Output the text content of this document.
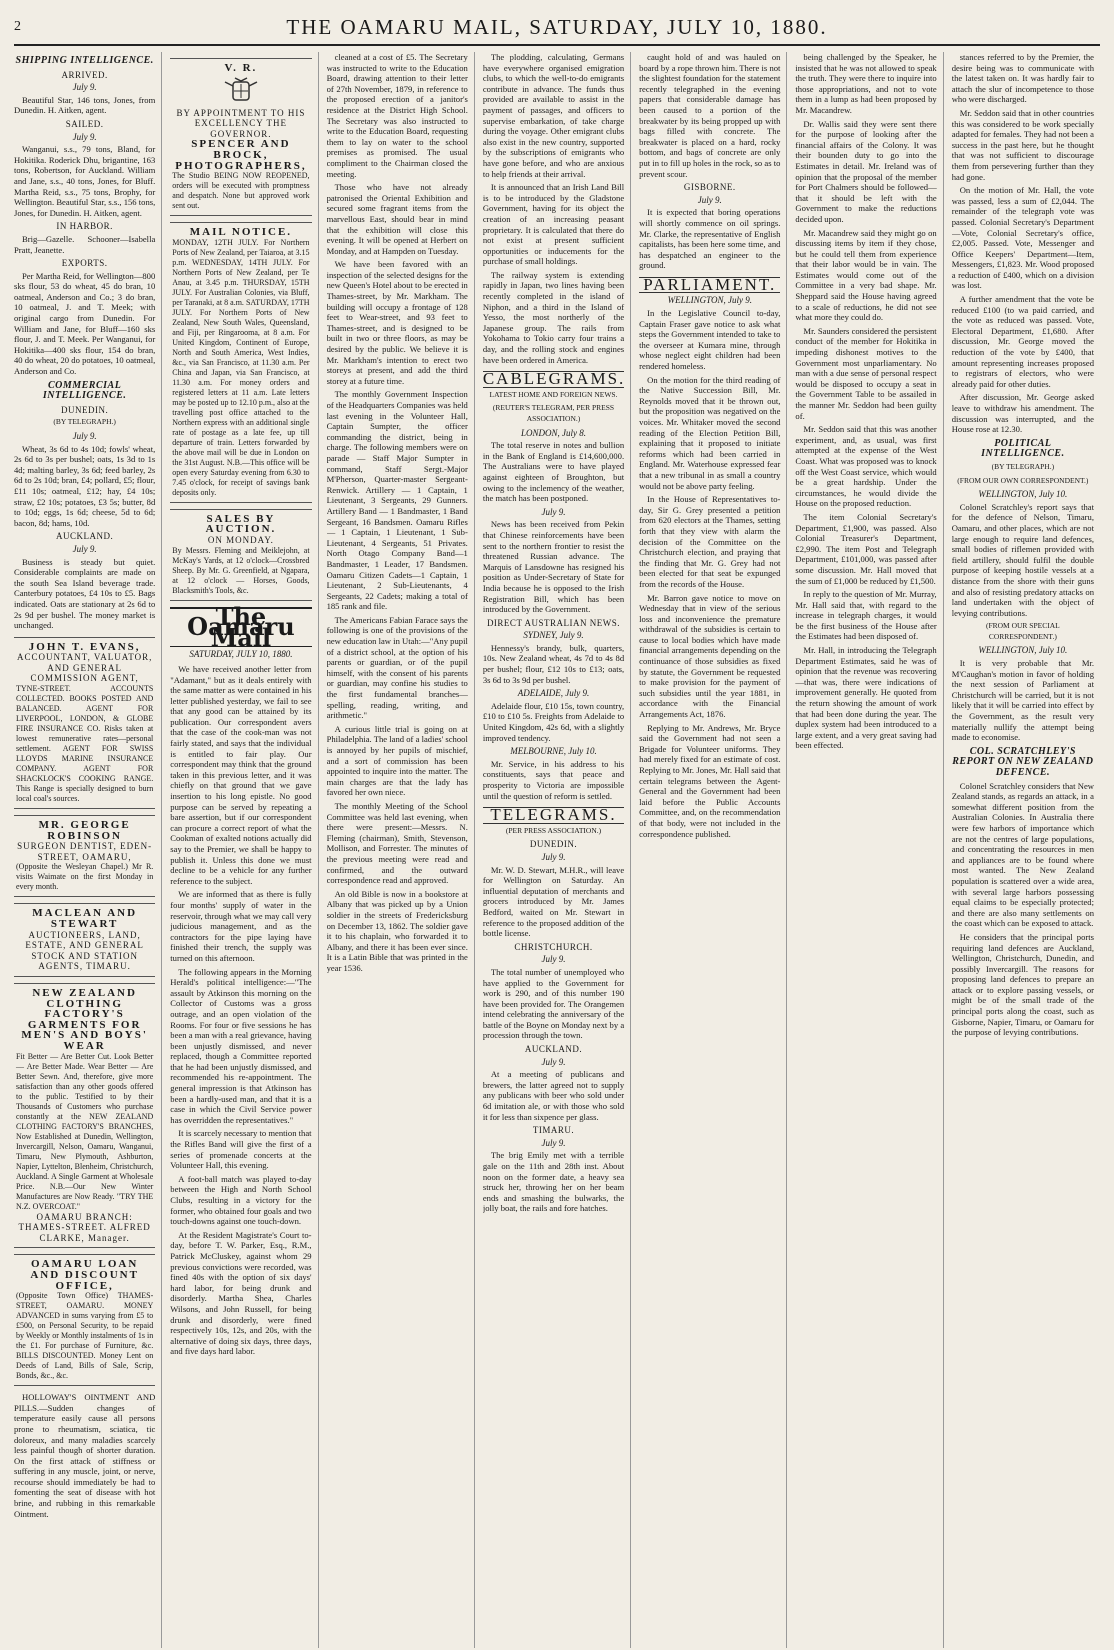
2	THE OAMARU MAIL, SATURDAY, JULY 10, 1880.
SHIPPING INTELLIGENCE.
ARRIVED.
July 9.

Beautiful Star, 146 tons, Jones, from Dunedin. H. Aitken, agent.

SAILED.
July 9.

Wanganui, s.s., 79 tons, Bland, for Hokitika. Roderick Dhu, brigantine, 163 tons, Robertson, for Auckland. William and Jane, s.s., 40 tons, Jones, for Bluff. Martha Reid, s.s., 75 tons, Brophy, for Wellington. Beautiful Star, s.s., 156 tons, Jones, for Dunedin. H. Aitken, agent.

IN HARBOR.

Brig—Gazelle. Schooner—Isabella Pratt, Jeanette.

EXPORTS.

Per Martha Reid, for Wellington—800 sks flour, 53 do wheat, 45 do bran, 10 oatmeal, Anderson and Co.; 3 do bran, 10 oatmeal, J. and T. Meek; with original cargo from Dunedin. For William and Jane, for Bluff—160 sks flour, J. and T. Meek. Per Wanganui, for Hokitika—400 sks flour, 154 do bran, 40 do wheat, 20 do potatoes, 10 oatmeal, Anderson and Co.

COMMERCIAL INTELLIGENCE.
DUNEDIN.
(BY TELEGRAPH.)
July 9.

Wheat, 3s 6d to 4s 10d; fowls' wheat, 2s 6d to 3s per bushel; oats, 1s 3d to 1s 4d; malting barley, 3s 6d; feed barley, 2s 6d to 2s 10d; bran, £4; pollard, £5; flour, £11 10s; oatmeal, £12; hay, £4 10s; straw, £2 10s; potatoes, £3 5s; butter, 8d to 10d; eggs, 1s 6d; cheese, 5d to 6d; bacon, 8d; hams, 10d.

AUCKLAND.
July 9.

Business is steady but quiet. Considerable complaints are made on the south Sea Island beverage trade. Canterbury potatoes, £4 10s to £5. Bags indicated. Oats are stationary at 2s 6d to 2s 9d per bushel. The money market is unchanged.

JOHN T. EVANS,
ACCOUNTANT, VALUATOR, AND GENERAL COMMISSION AGENT,
TYNE-STREET. ACCOUNTS COLLECTED. BOOKS POSTED AND BALANCED. AGENT FOR LIVERPOOL, LONDON, & GLOBE FIRE INSURANCE CO. Risks taken at lowest remunerative rates—personal settlement. AGENT FOR SWISS LLOYDS MARINE INSURANCE COMPANY. AGENT FOR SHACKLOCK'S COOKING RANGE. This Range is specially designed to burn local coal's sources.
MR. GEORGE ROBINSON
SURGEON DENTIST, EDEN-STREET, OAMARU,
(Opposite the Wesleyan Chapel.) Mr R. visits Waimate on the first Monday in every month.
MACLEAN AND STEWART
AUCTIONEERS, LAND, ESTATE, AND GENERAL STOCK AND STATION AGENTS, TIMARU.
NEW ZEALAND CLOTHING FACTORY'S GARMENTS FOR MEN'S AND BOYS' WEAR
Fit Better — Are Better Cut. Look Better — Are Better Made. Wear Better — Are Better Sewn. And, therefore, give more satisfaction than any other goods offered to the public. Testified to by their Thousands of Customers who purchase constantly at the NEW ZEALAND CLOTHING FACTORY'S BRANCHES, Now Established at Dunedin, Wellington, Invercargill, Nelson, Oamaru, Wanganui, Timaru, New Plymouth, Ashburton, Napier, Lyttelton, Blenheim, Christchurch, Auckland. A Single Garment at Wholesale Price. N.B.—Our New Winter Manufactures are Now Ready. "TRY THE N.Z. OVERCOAT."
OAMARU BRANCH: THAMES-STREET. ALFRED CLARKE, Manager.
OAMARU LOAN AND DISCOUNT OFFICE,
(Opposite Town Office) THAMES-STREET, OAMARU. MONEY ADVANCED in sums varying from £5 to £500, on Personal Security, to be repaid by Weekly or Monthly instalments of 1s in the £1. For purchase of Furniture, &c. BILLS DISCOUNTED. Money Lent on Deeds of Land, Bills of Sale, Scrip, Bonds, &c., &c.

HOLLOWAY'S OINTMENT AND PILLS.—Sudden changes of temperature easily cause all persons prone to rheumatism, sciatica, tic doloreux, and many maladies scarcely less painful though of shorter duration. On the first attack of stiffness or suffering in any muscle, joint, or nerve, recourse should immediately be had to fomenting the seat of disease with hot brine, and rubbing in this remarkable Ointment.

V. R.
BY APPOINTMENT TO HIS EXCELLENCY THE GOVERNOR.
SPENCER AND BROCK, PHOTOGRAPHERS,
The Studio BEING NOW REOPENED, orders will be executed with promptness and despatch. None but approved work sent out.
MAIL NOTICE.
MONDAY, 12TH JULY. For Northern Ports of New Zealand, per Taiaroa, at 3.15 p.m. WEDNESDAY, 14TH JULY. For Northern Ports of New Zealand, per Te Anau, at 3.45 p.m. THURSDAY, 15TH JULY. For Australian Colonies, via Bluff, per Taranaki, at 8 a.m. SATURDAY, 17TH JULY. For Northern Ports of New Zealand, New South Wales, Queensland, and Fiji, per Ringarooma, at 8 a.m. For United Kingdom, Continent of Europe, North and South America, West Indies, &c., via San Francisco, at 11.30 a.m. Per China and Japan, via San Francisco, at 11.30 a.m. For money orders and registered letters at 11 a.m. Late letters may be posted up to 12.10 p.m., also at the travelling post office attached to the Northern express with an additional single rate of postage as a late fee, up till departure of train. Letters forwarded by the above mail will be due in London on the 31st August. N.B.—This office will be open every Saturday evening from 6.30 to 7.45 o'clock, for receipt of savings bank deposits only.
SALES BY AUCTION.
ON MONDAY.
By Messrs. Fleming and Meiklejohn, at McKay's Yards, at 12 o'clock—Crossbred Sheep. By Mr. G. Greenfield, at Ngapara, at 12 o'clock — Horses, Goods, Blacksmith's Tools, &c.
The Oamaru Mail
SATURDAY, JULY 10, 1880.

We have received another letter from "Adamant," but as it deals entirely with the same matter as were contained in his letter published yesterday, we fail to see that any good can be attained by its publication. Our correspondent avers that the case of the cook-man was not fairly stated, and says that the individual is entitled to fair play. Our correspondent may think that the ground taken in this previous letter, and it was chiefly on that ground that we gave insertion to his long epistle. No good purpose can be served by repeating a bare assertion, but if our correspondent can procure a correct report of what the Cookman of exalted notions actually did say to the Premier, we shall be happy to publish it. Unless this done we must decline to be a vehicle for any further reference to the subject.

We are informed that as there is fully four months' supply of water in the reservoir, through what we may call very judicious management, and as the contractors for the pipe laying have finished their trench, the supply was turned on this afternoon.

The following appears in the Morning Herald's political intelligence:—"The assault by Atkinson this morning on the Collector of Customs was a gross outrage, and an open violation of the Rooms. For four or five sessions he has been a man with a real grievance, having been unjustly dismissed, and never replaced, though a Committee reported that he had been unjustly dismissed, and recommended his re-appointment. The general impression is that Atkinson has been a hardly-used man, and that it is a case in which the Civil Service power has overridden the representatives."

It is scarcely necessary to mention that the Rifles Band will give the first of a series of promenade concerts at the Volunteer Hall, this evening.

A foot-ball match was played to-day between the High and North School Clubs, resulting in a victory for the former, who obtained four goals and two touch-downs against one touch-down.

At the Resident Magistrate's Court to-day, before T. W. Parker, Esq., R.M., Patrick McCluskey, against whom 29 previous convictions were recorded, was fined 40s with the option of six days' hard labor, for being drunk and disorderly. Martha Shea, Charles Wilsons, and John Russell, for being drunk and disorderly, were fined respectively 10s, 12s, and 20s, with the alternative of doing six days, three days, and five days hard labor.

cleaned at a cost of £5. The Secretary was instructed to write to the Education Board, drawing attention to their letter of 27th November, 1879, in reference to the proposed erection of a janitor's residence at the District High School. The Secretary was also instructed to write to the Education Board, requesting them to lay on water to the school premises as promised. The usual compliment to the Chairman closed the meeting.

Those who have not already patronised the Oriental Exhibition and secured some fragrant items from the marvellous East, should bear in mind that the exhibition will close this evening. It will be opened at Herbert on Monday, and at Hampden on Tuesday.

We have been favored with an inspection of the selected designs for the new Queen's Hotel about to be erected in Thames-street, by Mr. Markham. The building will occupy a frontage of 128 feet to Wear-street, and 93 feet to Thames-street, and is designed to be built in two or three floors, as may be desired by the public. We believe it is Mr. Markham's intention to erect two storeys at present, and add the third storey at a future time.

The monthly Government Inspection of the Headquarters Companies was held last evening in the Volunteer Hall, Captain Sumpter, the officer commanding the district, being in charge. The following members were on parade — Staff Major Sumpter in command, Staff Sergt.-Major M'Pherson, Quarter-master Sergeant-Renwick. Artillery — 1 Captain, 1 Lieutenant, 3 Sergeants, 29 Gunners. Artillery Band — 1 Bandmaster, 1 Band Sergeant, 16 Bandsmen. Oamaru Rifles — 1 Captain, 1 Lieutenant, 1 Sub-Lieutenant, 4 Sergeants, 51 Privates. North Otago Company Band—1 Bandmaster, 1 Leader, 17 Bandsmen. Oamaru Citizen Cadets—1 Captain, 1 Lieutenant, 2 Sub-Lieutenants, 4 Sergeants, 22 Cadets; making a total of 185 rank and file.

The Americans Fabian Farace says the following is one of the provisions of the new education law in Utah:—"Any pupil of a district school, at the option of his parents or guardian, or of the pupil himself, with the consent of his parents or guardian, may confine his studies to the first fundamental branches—spelling, reading, writing, and arithmetic."

A curious little trial is going on at Philadelphia. The land of a ladies' school is annoyed by her pupils of mischief, and a sort of commission has been appointed to inquire into the matter. The main charges are that the lady has favored her own niece.

The monthly Meeting of the School Committee was held last evening, when there were present:—Messrs. N. Fleming (chairman), Smith, Stevenson, Mollison, and Forrester. The minutes of the previous meeting were read and confirmed, and the outward correspondence read and approved.

An old Bible is now in a bookstore at Albany that was picked up by a Union soldier in the streets of Fredericksburg on December 13, 1862. The soldier gave it to his chaplain, who forwarded it to Albany, and there it has been ever since. It is a Latin Bible that was printed in the year 1536.

The plodding, calculating, Germans have everywhere organised emigration clubs, to which the well-to-do emigrants contribute in advance. The funds thus provided are available to assist in the payment of passages, and officers to supervise embarkation, of take charge during the voyage. Other emigrant clubs also exist in the new country, supported by the subscriptions of emigrants who have gone before, and who are anxious to help friends at their arrival.

It is announced that an Irish Land Bill is to be introduced by the Gladstone Government, having for its object the creation of an increasing peasant proprietary. It is calculated that there do not exist at present sufficient opportunities or inducements for the purchase of small holdings.

The railway system is extending rapidly in Japan, two lines having been recently completed in the island of Niphon, and a third in the Island of Yesso, the most northerly of the Japanese group. The rails from Yokohama to Tokio carry four trains a day, and the rolling stock and engines have been ordered in America.

CABLEGRAMS.
LATEST HOME AND FOREIGN NEWS.
(REUTER'S TELEGRAM, PER PRESS ASSOCIATION.)
LONDON, July 8.

The total reserve in notes and bullion in the Bank of England is £14,600,000. The Australians were to have played against eighteen of Broughton, but owing to the inclemency of the weather, the match has been postponed.

July 9.

News has been received from Pekin that Chinese reinforcements have been sent to the northern frontier to resist the threatened Russian advance. The Marquis of Lansdowne has resigned his position as Under-Secretary of State for India because he is opposed to the Irish Registration Bill, which has been introduced by the Government.

DIRECT AUSTRALIAN NEWS.
SYDNEY, July 9.

Hennessy's brandy, bulk, quarters, 10s. New Zealand wheat, 4s 7d to 4s 8d per bushel; flour, £12 10s to £13; oats, 3s 6d to 3s 9d per bushel.

ADELAIDE, July 9.

Adelaide flour, £10 15s, town country, £10 to £10 5s. Freights from Adelaide to United Kingdom, 42s 6d, with a slightly improved tendency.

MELBOURNE, July 10.

Mr. Service, in his address to his constituents, says that peace and prosperity to Victoria are impossible until the question of reform is settled.

TELEGRAMS.
(PER PRESS ASSOCIATION.)
DUNEDIN.
July 9.

Mr. W. D. Stewart, M.H.R., will leave for Wellington on Saturday. An influential deputation of merchants and grocers introduced by Mr. James Bedford, waited on Mr. Stewart in reference to the proposed addition of the bottle license.

CHRISTCHURCH.
July 9.

The total number of unemployed who have applied to the Government for work is 290, and of this number 190 have been provided for. The Orangemen intend celebrating the anniversary of the battle of the Boyne on Monday next by a procession through the town.

AUCKLAND.
July 9.

At a meeting of publicans and brewers, the latter agreed not to supply any publicans with beer who sold under 6d imitation ale, or with those who sold it for less than sixpence per glass.

TIMARU.
July 9.

The brig Emily met with a terrible gale on the 11th and 28th inst. About noon on the former date, a heavy sea struck her, throwing her on her beam ends and smashing the bulwarks, the jolly boat, the rails and fore hatches.

caught hold of and was hauled on board by a rope thrown him. There is not the slightest foundation for the statement recently telegraphed in the evening papers that considerable damage has been caused to a portion of the breakwater by its being propped up with bags filled with concrete. The breakwater is placed on a hard, rocky bottom, and bags of concrete are only put in to fill up holes in the rock, so as to prevent scour.

GISBORNE.
July 9.

It is expected that boring operations will shortly commence on oil springs. Mr. Clarke, the representative of English capitalists, has been here some time, and has despatched an engineer to the ground.

PARLIAMENT.
WELLINGTON, July 9.

In the Legislative Council to-day, Captain Fraser gave notice to ask what steps the Government intended to take to the overseer at Kumara mine, through whose neglect eight children had been rendered homeless.

On the motion for the third reading of the Native Succession Bill, Mr. Reynolds moved that it be thrown out, but the proposition was negatived on the voices. Mr. Whitaker moved the second reading of the Election Petition Bill, explaining that it proposed to initiate reforms which had been carried in England. Mr. Waterhouse expressed fear that a new tribunal in as small a country would not be above party feeling.

In the House of Representatives to-day, Sir G. Grey presented a petition from 620 electors at the Thames, setting forth that they view with alarm the decision of the Committee on the Christchurch election, and praying that the finding that Mr. G. Grey had not been elected for that seat be expunged from the records of the House.

Mr. Barron gave notice to move on Wednesday that in view of the serious loss and inconvenience the premature withdrawal of the subsidies is certain to cause to local bodies which have made financial arrangements depending on the continuance of those subsidies as fixed by statute, the Government be requested to make provision for the payment of such subsidies until the year 1881, in accordance with the Financial Arrangements Act, 1876.

Replying to Mr. Andrews, Mr. Bryce said the Government had not seen a Brigade for Volunteer uniforms. They had merely fixed for an estimate of cost. Replying to Mr. Jones, Mr. Hall said that certain telegrams between the Agent-General and the Government had been laid before the Public Accounts Committee, and, on the recommendation of that body, were not included in the correspondence published.

being challenged by the Speaker, he insisted that he was not allowed to speak the truth. They were there to inquire into those appropriations, and not to vote them in a lump as had been proposed by Mr. Macandrew.

Dr. Wallis said they were sent there for the purpose of looking after the financial affairs of the Colony. It was their bounden duty to go into the Estimates in detail. Mr. Ireland was of opinion that the proposal of the member for Port Chalmers should be followed—that it should be left with the Government to make the reductions decided upon.

Mr. Macandrew said they might go on discussing items by item if they chose, but he could tell them from experience that their labor would be in vain. The Estimates would come out of the Committee in a very bad shape. Mr. Sheppard said the House having agreed to a scale of reductions, he did not see what more they could do.

Mr. Saunders considered the persistent conduct of the member for Hokitika in impeding dishonest motives to the Government most unparliamentary. No man with a due sense of personal respect would be disposed to occupy a seat in the Government Table to be assailed in the manner Mr. Seddon had been guilty of.

Mr. Seddon said that this was another experiment, and, as usual, was first attempted at the expense of the West Coast. What was proposed was to knock off the West Coast service, which would be a great hardship. Under the circumstances, he would divide the House on the proposed reduction.

The item Colonial Secretary's Department, £1,900, was passed. Also Colonial Treasurer's Department, £2,990. The item Post and Telegraph Department, £101,000, was passed after some discussion. Mr. Hall moved that the sum of £1,000 be reduced by £1,500.

In reply to the question of Mr. Murray, Mr. Hall said that, with regard to the increase in telegraph charges, it would be the first business of the House after the Estimates had been disposed of.

Mr. Hall, in introducing the Telegraph Department Estimates, said he was of opinion that the revenue was recovering—that was, there were indications of improvement generally. He quoted from the return showing the amount of work that had been done during the year. The duplex system had been introduced to a large extent, and a very great saving had been effected.

stances referred to by the Premier, the desire being was to communicate with the latest taken on. It was hardly fair to attach the slur of incompetence to those who were discharged.

Mr. Seddon said that in other countries this was considered to be work specially adapted for females. They had not been a success in the past here, but he thought that was not sufficient to discourage them from persevering further than they had gone.

On the motion of Mr. Hall, the vote was passed, less a sum of £2,044. The remainder of the telegraph vote was passed. Colonial Secretary's Department—Vote, Colonial Secretary's office, £2,005. Passed. Vote, Messenger and Office Keepers' Department—Item, Messengers, £1,823. Mr. Wood proposed a reduction of £400, which on a division was lost.

A further amendment that the vote be reduced £100 (to wa paid carried, and the vote as reduced was passed. Vote, Electoral Department, £1,680. After discussion, Mr. George moved the reduction of the vote by £400, that amount representing increases proposed to registrars of electors, who were already paid for other duties.

After discussion, Mr. George asked leave to withdraw his amendment. The discussion was interrupted, and the House rose at 12.30.

POLITICAL INTELLIGENCE.
(BY TELEGRAPH.)
(FROM OUR OWN CORRESPONDENT.)
WELLINGTON, July 10.

Colonel Scratchley's report says that for the defence of Nelson, Timaru, Oamaru, and other places, which are not large enough to require land defences, small bodies of riflemen provided with field artillery, should fulfil the double purpose of keeping hostile vessels at a distance from the shore with their guns and also of resisting predatory attacks on land undertaken with the object of levying contributions.

(FROM OUR SPECIAL CORRESPONDENT.)
WELLINGTON, July 10.

It is very probable that Mr. M'Caughan's motion in favor of holding the next session of Parliament at Christchurch will be carried, but it is not likely that it will be carried into effect by the Government, as the result very materially nullify the attempt being made to economise.

COL. SCRATCHLEY'S REPORT ON NEW ZEALAND DEFENCE.

Colonel Scratchley considers that New Zealand stands, as regards an attack, in a somewhat different position from the Australian Colonies. In Australia there were few harbors of importance which are not the centres of large populations, and concentrating the resources in men and appliances are to be found where most wanted. The New Zealand population is scattered over a wide area, with several large harbors possessing equal claims to be especially protected; and there are also many settlements on the coast which can be exposed to attack.

He considers that the principal ports requiring land defences are Auckland, Wellington, Christchurch, Dunedin, and possibly Invercargill. The reasons for proposing land defences to prepare an attack or to explore passing vessels, or might be of the small trade of the principal ports along the coast, such as Gisborne, Napier, Timaru, or Oamaru for the purpose of levying contributions.
